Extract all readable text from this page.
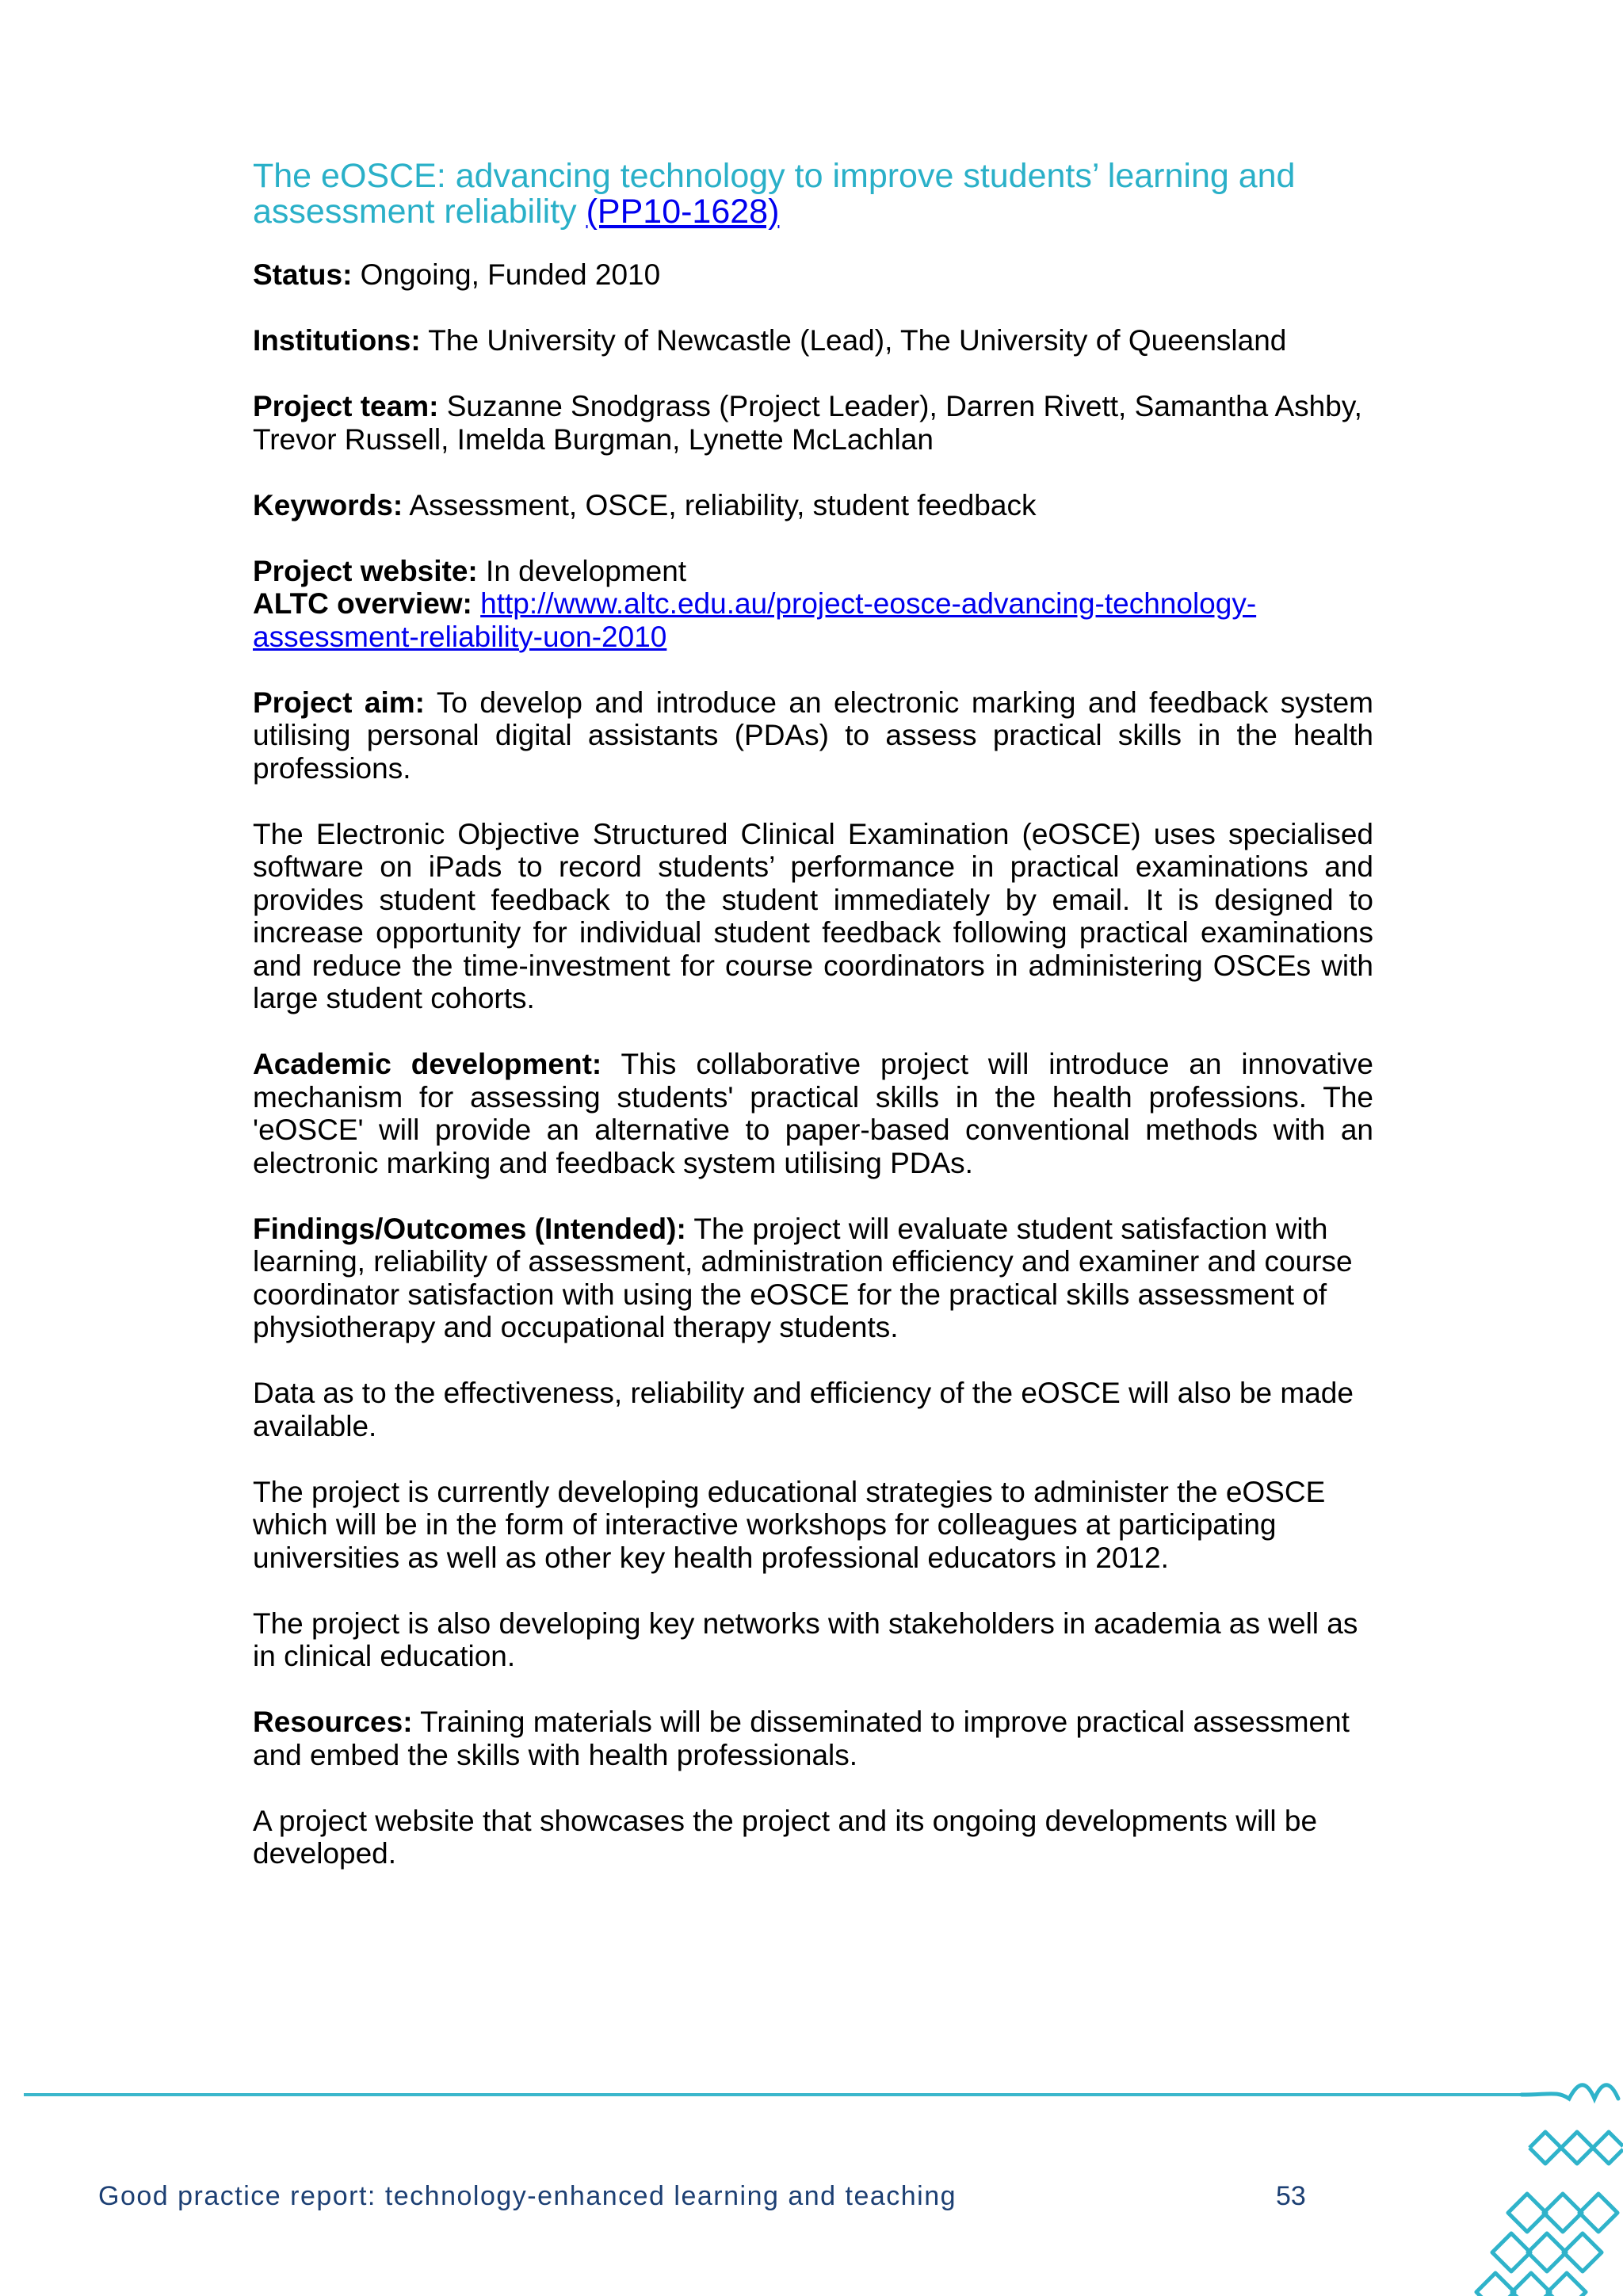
The eOSCE: advancing technology to improve students’ learning and assessment reliability (PP10-1628)

Status: Ongoing, Funded 2010

Institutions: The University of Newcastle (Lead), The University of Queensland

Project team: Suzanne Snodgrass (Project Leader), Darren Rivett, Samantha Ashby, Trevor Russell, Imelda Burgman, Lynette McLachlan

Keywords: Assessment, OSCE, reliability, student feedback

Project website: In development

ALTC overview: http://www.altc.edu.au/project-eosce-advancing-technology-assessment-reliability-uon-2010

Project aim: To develop and introduce an electronic marking and feedback system utilising personal digital assistants (PDAs) to assess practical skills in the health professions.

The Electronic Objective Structured Clinical Examination (eOSCE) uses specialised software on iPads to record students’ performance in practical examinations and provides student feedback to the student immediately by email. It is designed to increase opportunity for individual student feedback following practical examinations and reduce the time-investment for course coordinators in administering OSCEs with large student cohorts.

Academic development: This collaborative project will introduce an innovative mechanism for assessing students' practical skills in the health professions. The 'eOSCE' will provide an alternative to paper-based conventional methods with an electronic marking and feedback system utilising PDAs.

Findings/Outcomes (Intended): The project will evaluate student satisfaction with learning, reliability of assessment, administration efficiency and examiner and course coordinator satisfaction with using the eOSCE for the practical skills assessment of physiotherapy and occupational therapy students.

Data as to the effectiveness, reliability and efficiency of the eOSCE will also be made available.

The project is currently developing educational strategies to administer the eOSCE which will be in the form of interactive workshops for colleagues at participating universities as well as other key health professional educators in 2012.

The project is also developing key networks with stakeholders in academia as well as in clinical education.

Resources: Training materials will be disseminated to improve practical assessment and embed the skills with health professionals.

A project website that showcases the project and its ongoing developments will be developed.

Good practice report: technology-enhanced learning and teaching	53
